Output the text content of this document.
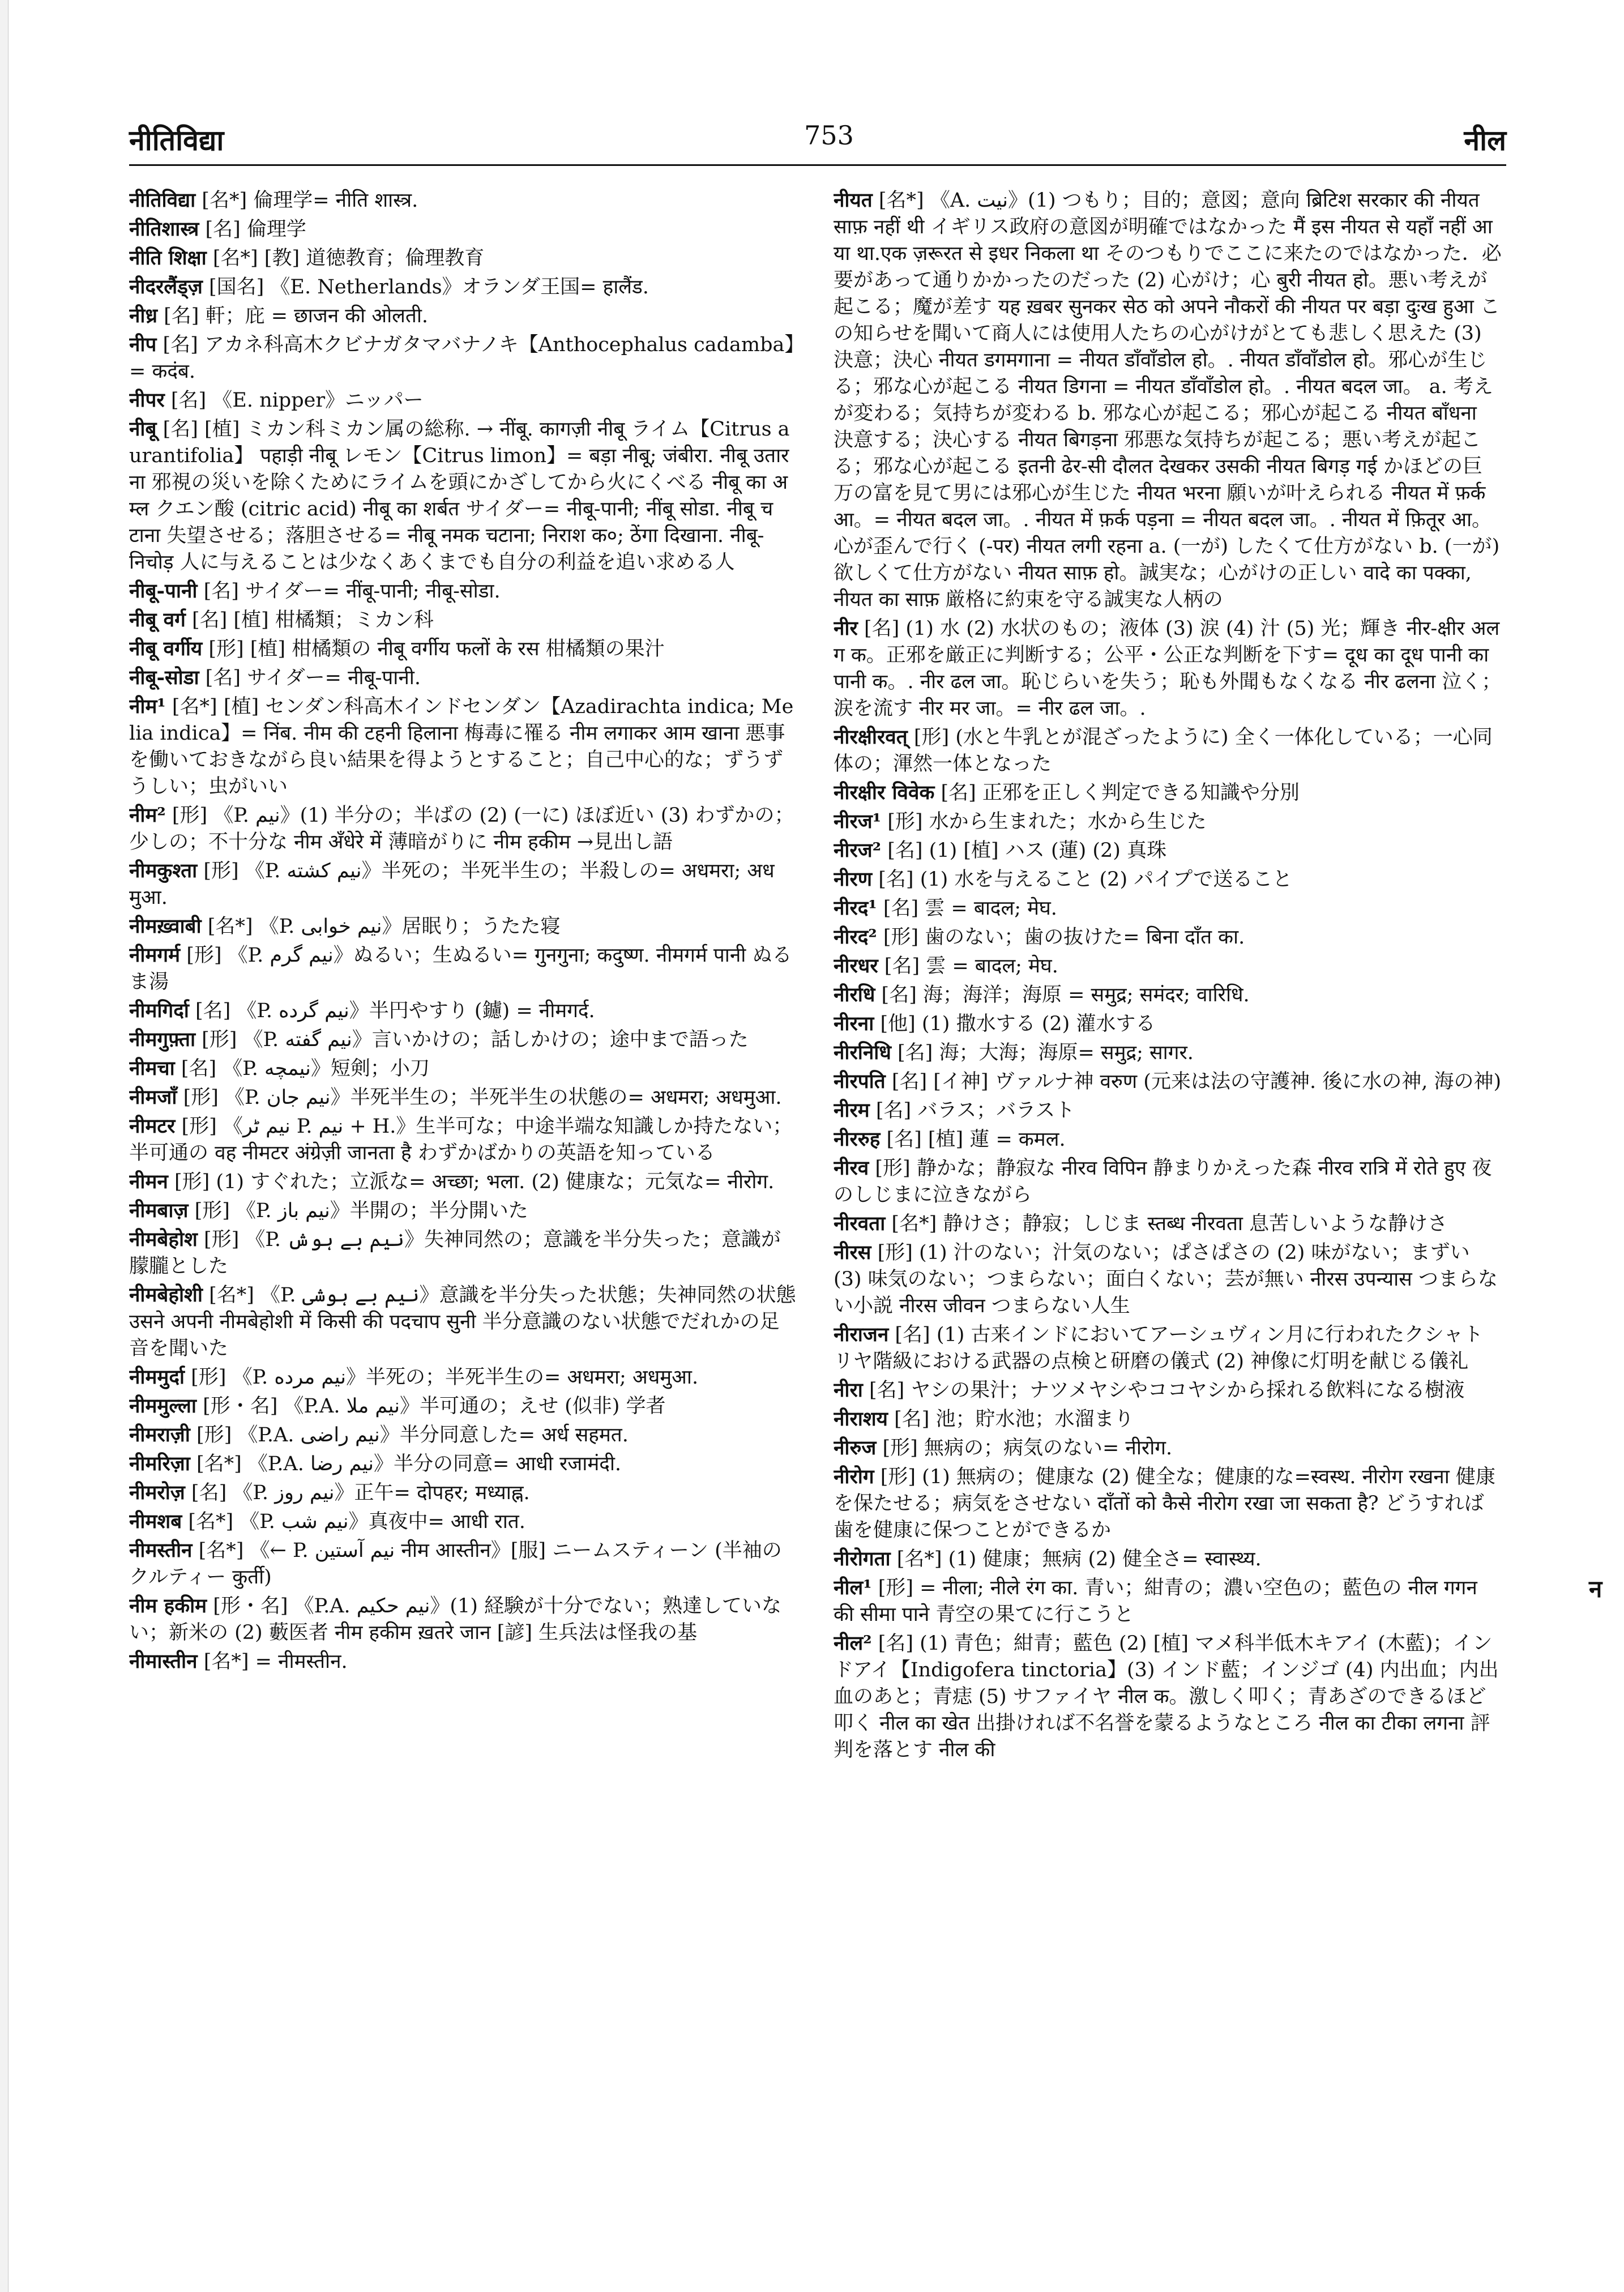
नीतिविद्या	753	नील

नीतिविद्या [名*] 倫理学= नीति शास्त्र.

नीतिशास्त्र [名] 倫理学

नीति शिक्षा [名*] [教] 道徳教育；倫理教育

नीदरलैंड्ज़ [国名] 《E. Netherlands》オランダ王国= हालैंड.

नीध्र [名] 軒；庇 = छाजन की ओलती.

नीप [名] アカネ科高木クビナガタマバナノキ【Anthocephalus cadamba】= कदंब.

नीपर [名] 《E. nipper》ニッパー

नीबू [名] [植] ミカン科ミカン属の総称. → नींबू. कागज़ी नीबू ライム【Citrus aurantifolia】 पहाड़ी नीबू レモン【Citrus limon】= बड़ा नीबू; जंबीरा. नीबू उतारना 邪視の災いを除くためにライムを頭にかざしてから火にくべる नीबू का अम्ल クエン酸 (citric acid) नीबू का शर्बत サイダー= नीबू-पानी; नींबू सोडा. नीबू चटाना 失望させる；落胆させる= नीबू नमक चटाना; निराश क०; ठेंगा दिखाना. नीबू-निचोड़ 人に与えることは少なくあくまでも自分の利益を追い求める人

नीबू-पानी [名] サイダー= नींबू-पानी; नीबू-सोडा.

नीबू वर्ग [名] [植] 柑橘類；ミカン科

नीबू वर्गीय [形] [植] 柑橘類の नीबू वर्गीय फलों के रस 柑橘類の果汁

नीबू-सोडा [名] サイダー= नीबू-पानी.

नीम¹ [名*] [植] センダン科高木インドセンダン【Azadirachta indica; Melia indica】= निंब. नीम की टहनी हिलाना 梅毒に罹る नीम लगाकर आम खाना 悪事を働いておきながら良い結果を得ようとすること；自己中心的な；ずうずうしい；虫がいい

नीम² [形] 《P. نیم》(1) 半分の；半ばの (2) (一に) ほぼ近い (3) わずかの；少しの；不十分な नीम अँधेरे में 薄暗がりに नीम हकीम →見出し語

नीमकुश्ता [形] 《P. نیم کشته》半死の；半死半生の；半殺しの= अधमरा; अधमुआ.

नीमख़्वाबी [名*] 《P. نیم خوابی》居眠り；うたた寝

नीमगर्म [形] 《P. نیم گرم》ぬるい；生ぬるい= गुनगुना; कदुष्ण. नीमगर्म पानी ぬるま湯

नीमगिर्दा [名] 《P. نیم گرده》半円やすり (鑢) = नीमगर्द.

नीमगुफ़्ता [形] 《P. نیم گفته》言いかけの；話しかけの；途中まで語った

नीमचा [名] 《P. نیمچه》短剣；小刀

नीमजाँ [形] 《P. نیم جان》半死半生の；半死半生の状態の= अधमरा; अधमुआ.

नीमटर [形] 《نیم ٹر P. نیم + H.》生半可な；中途半端な知識しか持たない；半可通の वह नीमटर अंग्रेज़ी जानता है わずかばかりの英語を知っている

नीमन [形] (1) すぐれた；立派な= अच्छा; भला. (2) 健康な；元気な= नीरोग.

नीमबाज़ [形] 《P. نیم باز》半開の；半分開いた

नीमबेहोश [形] 《P. نیم بے ہوش》失神同然の；意識を半分失った；意識が朦朧とした

नीमबेहोशी [名*] 《P. نیم بے ہوشی》意識を半分失った状態；失神同然の状態 उसने अपनी नीमबेहोशी में किसी की पदचाप सुनी 半分意識のない状態でだれかの足音を聞いた

नीममुर्दा [形] 《P. نیم مرده》半死の；半死半生の= अधमरा; अधमुआ.

नीममुल्ला [形・名] 《P.A. نیم ملا》半可通の；えせ (似非) 学者

नीमराज़ी [形] 《P.A. نیم راضی》半分同意した= अर्ध सहमत.

नीमरिज़ा [名*] 《P.A. نیم رضا》半分の同意= आधी रजामंदी.

नीमरोज़ [名] 《P. نیم روز》正午= दोपहर; मध्याह्न.

नीमशब [名*] 《P. نیم شب》真夜中= आधी रात.

नीमस्तीन [名*] 《← P. نیم آستین नीम आस्तीन》[服] ニームスティーン (半袖のクルティー कुर्ती)

नीम हकीम [形・名] 《P.A. نیم حکیم》(1) 経験が十分でない；熟達していない；新米の (2) 藪医者 नीम हकीम ख़तरे जान [諺] 生兵法は怪我の基

नीमास्तीन [名*] = नीमस्तीन.

नीयत [名*] 《A. نیت》(1) つもり；目的；意図；意向 ब्रिटिश सरकार की नीयत साफ़ नहीं थी イギリス政府の意図が明確ではなかった मैं इस नीयत से यहाँ नहीं आया था.एक ज़रूरत से इधर निकला था そのつもりでここに来たのではなかった．必要があって通りかかったのだった (2) 心がけ；心 बुरी नीयत हो。悪い考えが起こる；魔が差す यह ख़बर सुनकर सेठ को अपने नौकरों की नीयत पर बड़ा दुःख हुआ この知らせを聞いて商人には使用人たちの心がけがとても悲しく思えた (3) 決意；決心 नीयत डगमगाना = नीयत डाँवाँडोल हो。. नीयत डाँवाँडोल हो。邪心が生じる；邪な心が起こる नीयत डिगना = नीयत डाँवाँडोल हो。. नीयत बदल जा。 a. 考えが変わる；気持ちが変わる b. 邪な心が起こる；邪心が起こる नीयत बाँधना 決意する；決心する नीयत बिगड़ना 邪悪な気持ちが起こる；悪い考えが起こる；邪な心が起こる इतनी ढेर-सी दौलत देखकर उसकी नीयत बिगड़ गई かほどの巨万の富を見て男には邪心が生じた नीयत भरना 願いが叶えられる नीयत में फ़र्क आ。= नीयत बदल जा。. नीयत में फ़र्क पड़ना = नीयत बदल जा。. नीयत में फ़ितूर आ。心が歪んで行く (-पर) नीयत लगी रहना a. (一が) したくて仕方がない b. (一が) 欲しくて仕方がない नीयत साफ़ हो。誠実な；心がけの正しい वादे का पक्का, नीयत का साफ़ 厳格に約束を守る誠実な人柄の

नीर [名] (1) 水 (2) 水状のもの；液体 (3) 涙 (4) 汁 (5) 光；輝き नीर-क्षीर अलग क。正邪を厳正に判断する；公平・公正な判断を下す= दूध का दूध पानी का पानी क。. नीर ढल जा。恥じらいを失う；恥も外聞もなくなる नीर ढलना 泣く；涙を流す नीर मर जा。= नीर ढल जा。.

नीरक्षीरवत् [形] (水と牛乳とが混ざったように) 全く一体化している；一心同体の；渾然一体となった

नीरक्षीर विवेक [名] 正邪を正しく判定できる知識や分別

नीरज¹ [形] 水から生まれた；水から生じた

नीरज² [名] (1) [植] ハス (蓮) (2) 真珠

नीरण [名] (1) 水を与えること (2) パイプで送ること

नीरद¹ [名] 雲 = बादल; मेघ.

नीरद² [形] 歯のない；歯の抜けた= बिना दाँत का.

नीरधर [名] 雲 = बादल; मेघ.

नीरधि [名] 海；海洋；海原 = समुद्र; समंदर; वारिधि.

नीरना [他] (1) 撒水する (2) 灌水する

नीरनिधि [名] 海；大海；海原= समुद्र; सागर.

नीरपति [名] [イ神] ヴァルナ神 वरुण (元来は法の守護神. 後に水の神, 海の神)

नीरम [名] バラス；バラスト

नीररुह [名] [植] 蓮 = कमल.

नीरव [形] 静かな；静寂な नीरव विपिन 静まりかえった森 नीरव रात्रि में रोते हुए 夜のしじまに泣きながら

नीरवता [名*] 静けさ；静寂；しじま स्तब्ध नीरवता 息苦しいような静けさ

नीरस [形] (1) 汁のない；汁気のない；ぱさぱさの (2) 味がない；まずい (3) 味気のない；つまらない；面白くない；芸が無い नीरस उपन्यास つまらない小説 नीरस जीवन つまらない人生

नीराजन [名] (1) 古来インドにおいてアーシュヴィン月に行われたクシャトリヤ階級における武器の点検と研磨の儀式 (2) 神像に灯明を献じる儀礼

नीरा [名] ヤシの果汁；ナツメヤシやココヤシから採れる飲料になる樹液

नीराशय [名] 池；貯水池；水溜まり

नीरुज [形] 無病の；病気のない= नीरोग.

नीरोग [形] (1) 無病の；健康な (2) 健全な；健康的な=स्वस्थ. नीरोग रखना 健康を保たせる；病気をさせない दाँतों को कैसे नीरोग रखा जा सकता है? どうすれば歯を健康に保つことができるか

नीरोगता [名*] (1) 健康；無病 (2) 健全さ= स्वास्थ्य.

नील¹ [形] = नीला; नीले रंग का. 青い；紺青の；濃い空色の；藍色の नील गगन की सीमा पाने 青空の果てに行こうと

नील² [名] (1) 青色；紺青；藍色 (2) [植] マメ科半低木キアイ (木藍)；インドアイ【Indigofera tinctoria】(3) インド藍；インジゴ (4) 内出血；内出血のあと；青痣 (5) サファイヤ नील क。激しく叩く；青あざのできるほど叩く नील का खेत 出掛ければ不名誉を蒙るようなところ नील का टीका लगना 評判を落とす नील की

न
